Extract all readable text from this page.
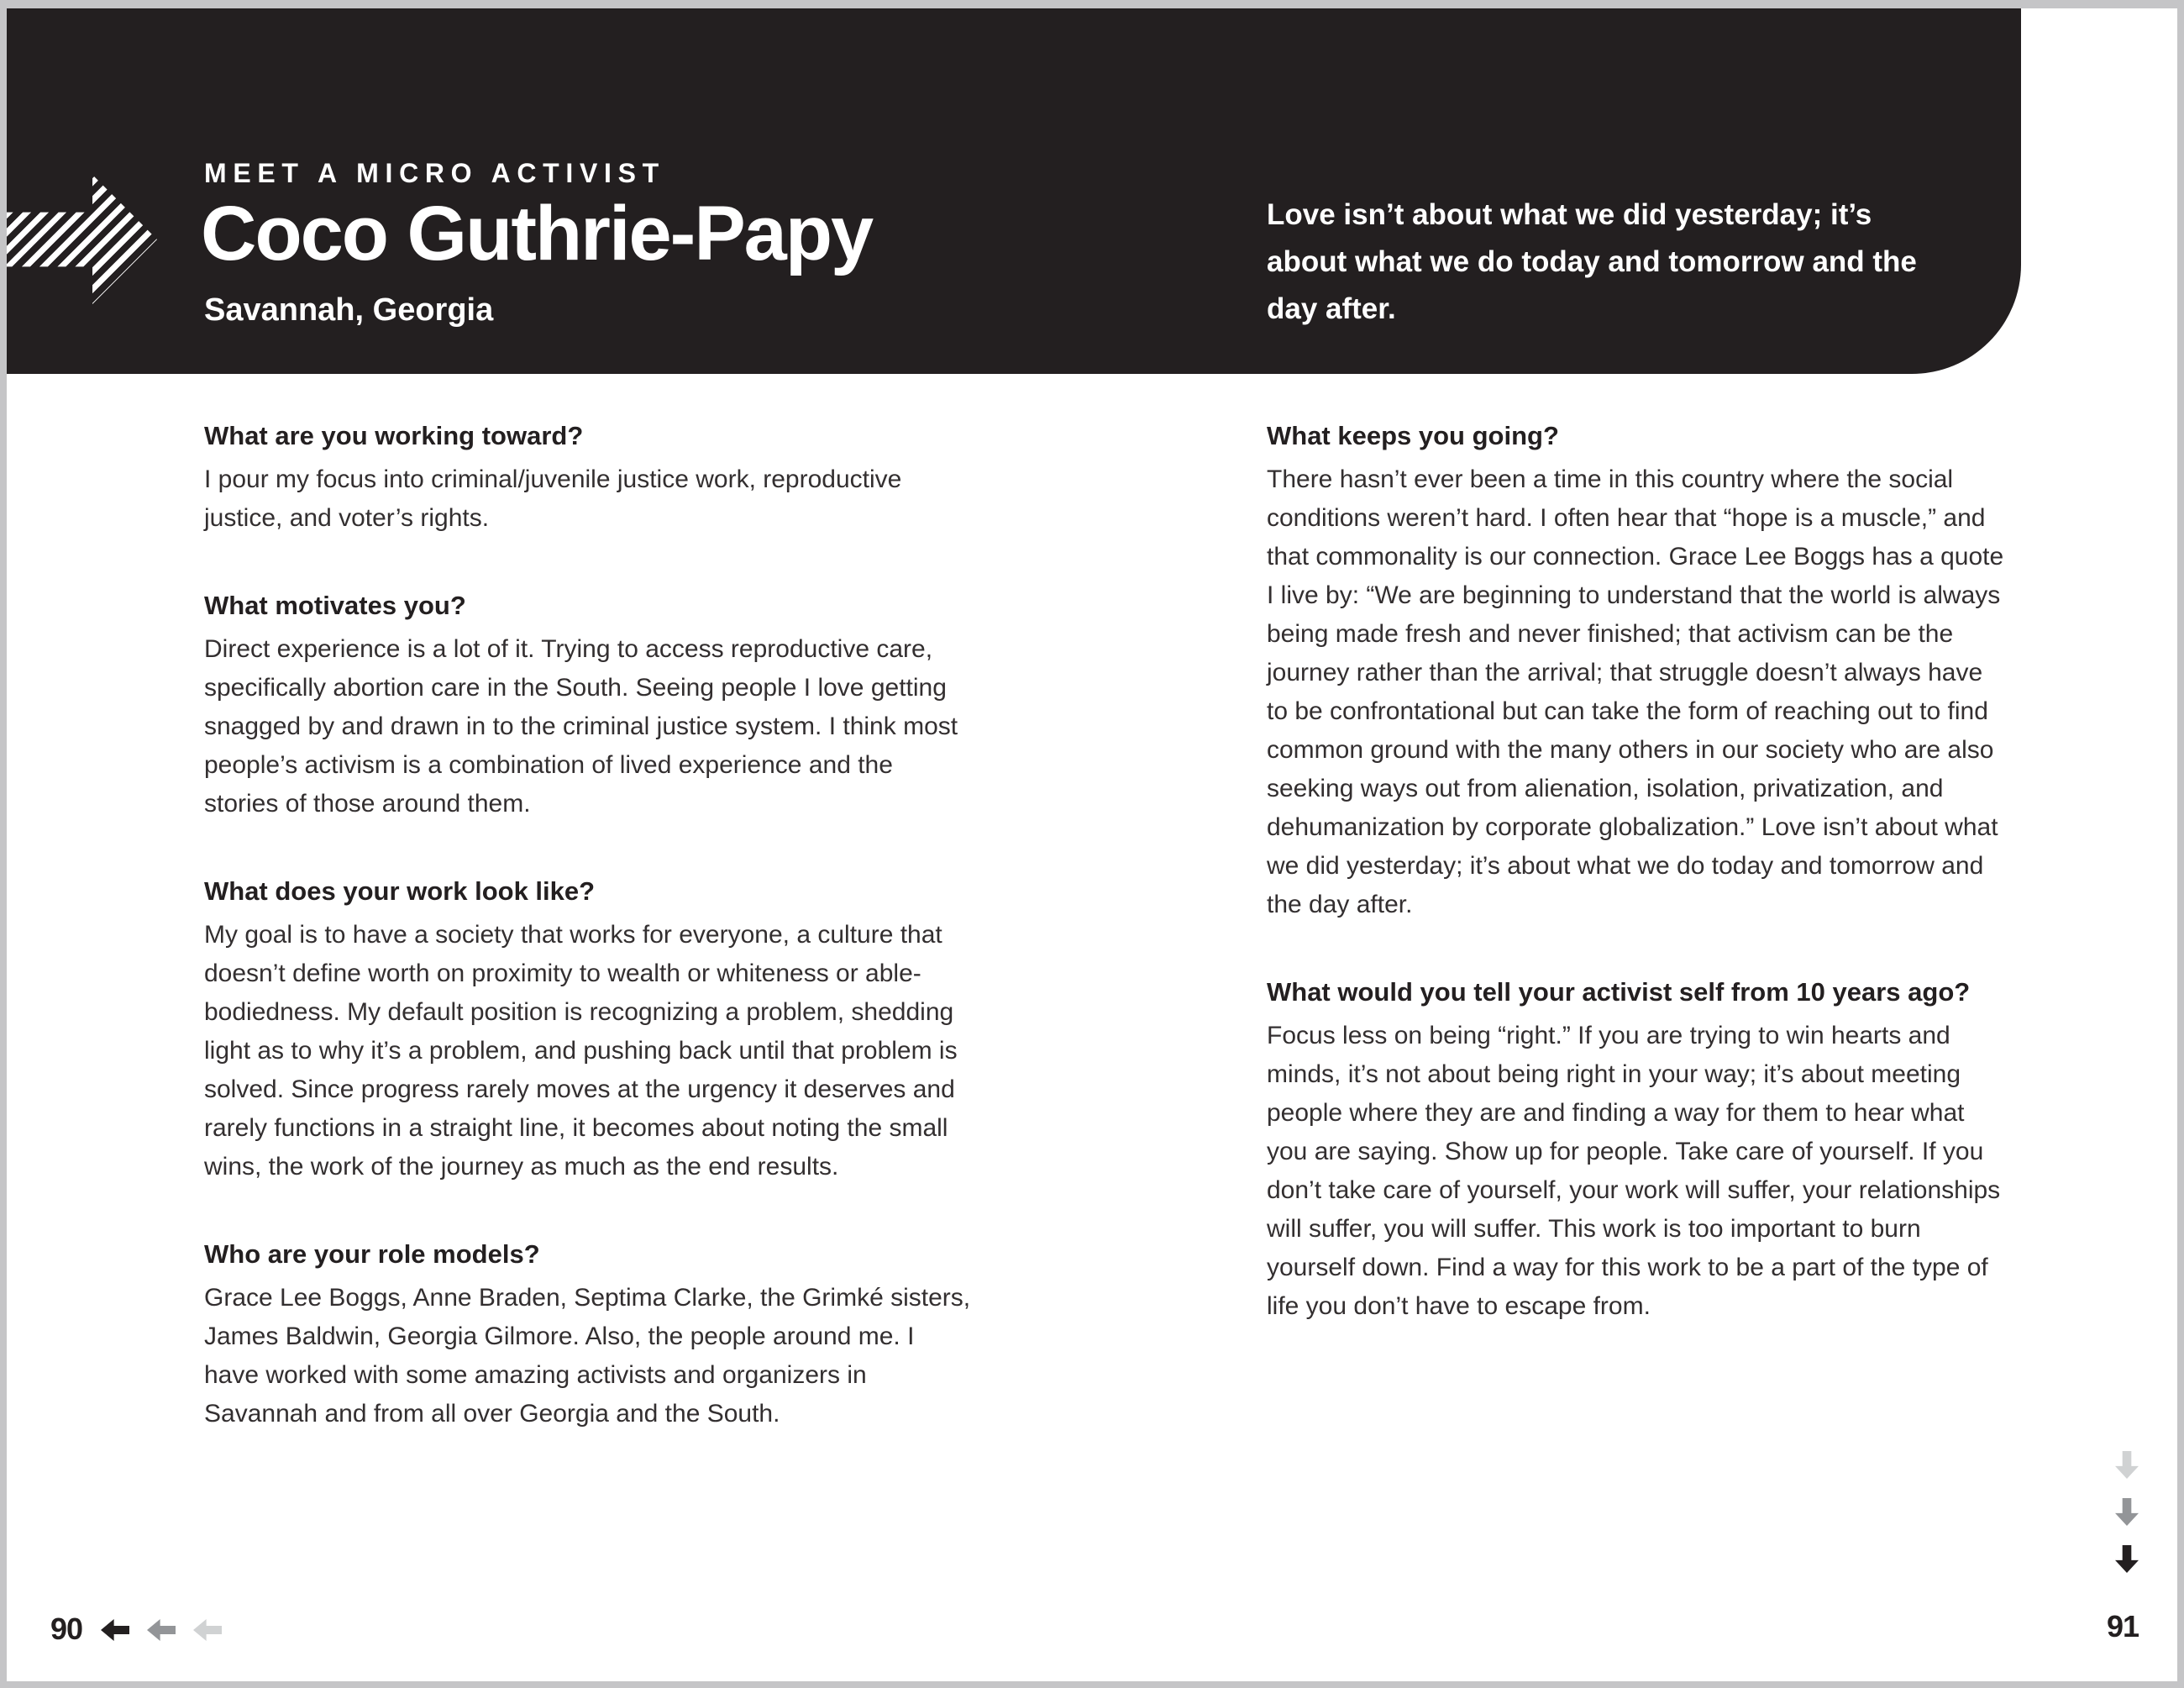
MEET A MICRO ACTIVIST
Coco Guthrie-Papy
Savannah, Georgia
Love isn’t about what we did yesterday; it’s about what we do today and tomorrow and the day after.
What are you working toward?

I pour my focus into criminal/juvenile justice work, reproductive justice, and voter’s rights.

What motivates you?

Direct experience is a lot of it. Trying to access reproductive care, specifically abortion care in the South. Seeing people I love getting snagged by and drawn in to the criminal justice system. I think most people’s activism is a combination of lived experience and the stories of those around them.

What does your work look like?

My goal is to have a society that works for everyone, a culture that doesn’t define worth on proximity to wealth or whiteness or able-bodiedness. My default position is recognizing a problem, shedding light as to why it’s a problem, and pushing back until that problem is solved. Since progress rarely moves at the urgency it deserves and rarely functions in a straight line, it becomes about noting the small wins, the work of the journey as much as the end results.

Who are your role models?

Grace Lee Boggs, Anne Braden, Septima Clarke, the Grimké sisters, James Baldwin, Georgia Gilmore. Also, the people around me. I have worked with some amazing activists and organizers in Savannah and from all over Georgia and the South.

What keeps you going?

There hasn’t ever been a time in this country where the social conditions weren’t hard. I often hear that “hope is a muscle,” and that commonality is our connection. Grace Lee Boggs has a quote I live by: “We are beginning to understand that the world is always being made fresh and never finished; that activism can be the journey rather than the arrival; that struggle doesn’t always have to be confrontational but can take the form of reaching out to find common ground with the many others in our society who are also seeking ways out from alienation, isolation, privatization, and dehumanization by corporate globalization.” Love isn’t about what we did yesterday; it’s about what we do today and tomorrow and the day after.

What would you tell your activist self from 10 years ago?

Focus less on being “right.” If you are trying to win hearts and minds, it’s not about being right in your way; it’s about meeting people where they are and finding a way for them to hear what you are saying. Show up for people. Take care of yourself. If you don’t take care of yourself, your work will suffer, your relationships will suffer, you will suffer. This work is too important to burn yourself down. Find a way for this work to be a part of the type of life you don’t have to escape from.

90	91
